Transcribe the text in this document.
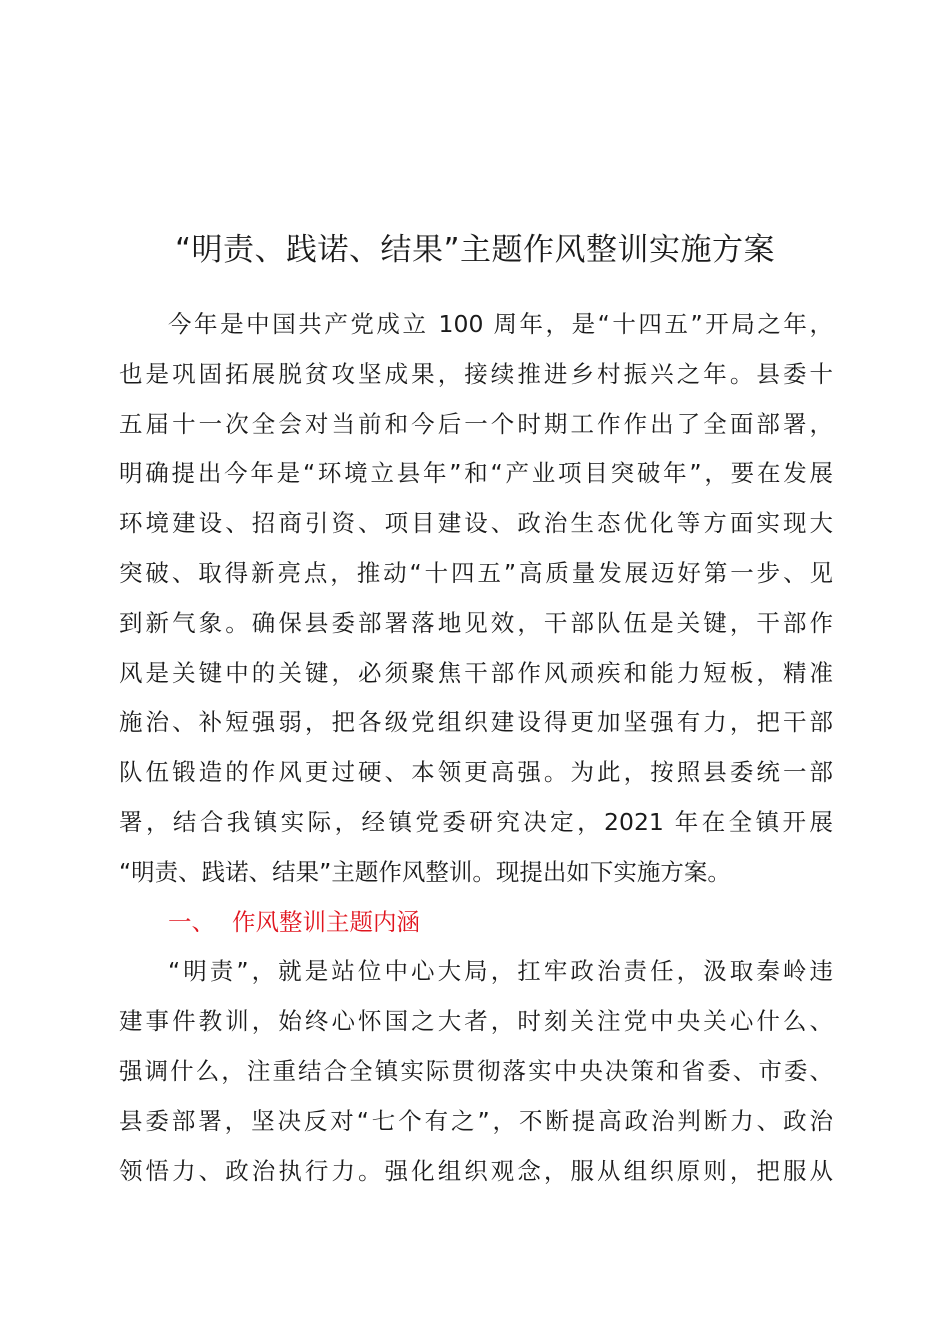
“明责、践诺、结果”主题作风整训实施方案
今年是中国共产党成立 100 周年，是“十四五”开局之年，
也是巩固拓展脱贫攻坚成果，接续推进乡村振兴之年。县委十
五届十一次全会对当前和今后一个时期工作作出了全面部署，
明确提出今年是“环境立县年”和“产业项目突破年”，要在发展
环境建设、招商引资、项目建设、政治生态优化等方面实现大
突破、取得新亮点，推动“十四五”高质量发展迈好第一步、见
到新气象。确保县委部署落地见效，干部队伍是关键，干部作
风是关键中的关键，必须聚焦干部作风顽疾和能力短板，精准
施治、补短强弱，把各级党组织建设得更加坚强有力，把干部
队伍锻造的作风更过硬、本领更高强。为此，按照县委统一部
署，结合我镇实际，经镇党委研究决定，2021 年在全镇开展
“明责、践诺、结果”主题作风整训。现提出如下实施方案。
一、 作风整训主题内涵
“明责”，就是站位中心大局，扛牢政治责任，汲取秦岭违
建事件教训，始终心怀国之大者，时刻关注党中央关心什么、
强调什么，注重结合全镇实际贯彻落实中央决策和省委、市委、
县委部署，坚决反对“七个有之”，不断提高政治判断力、政治
领悟力、政治执行力。强化组织观念，服从组织原则，把服从
